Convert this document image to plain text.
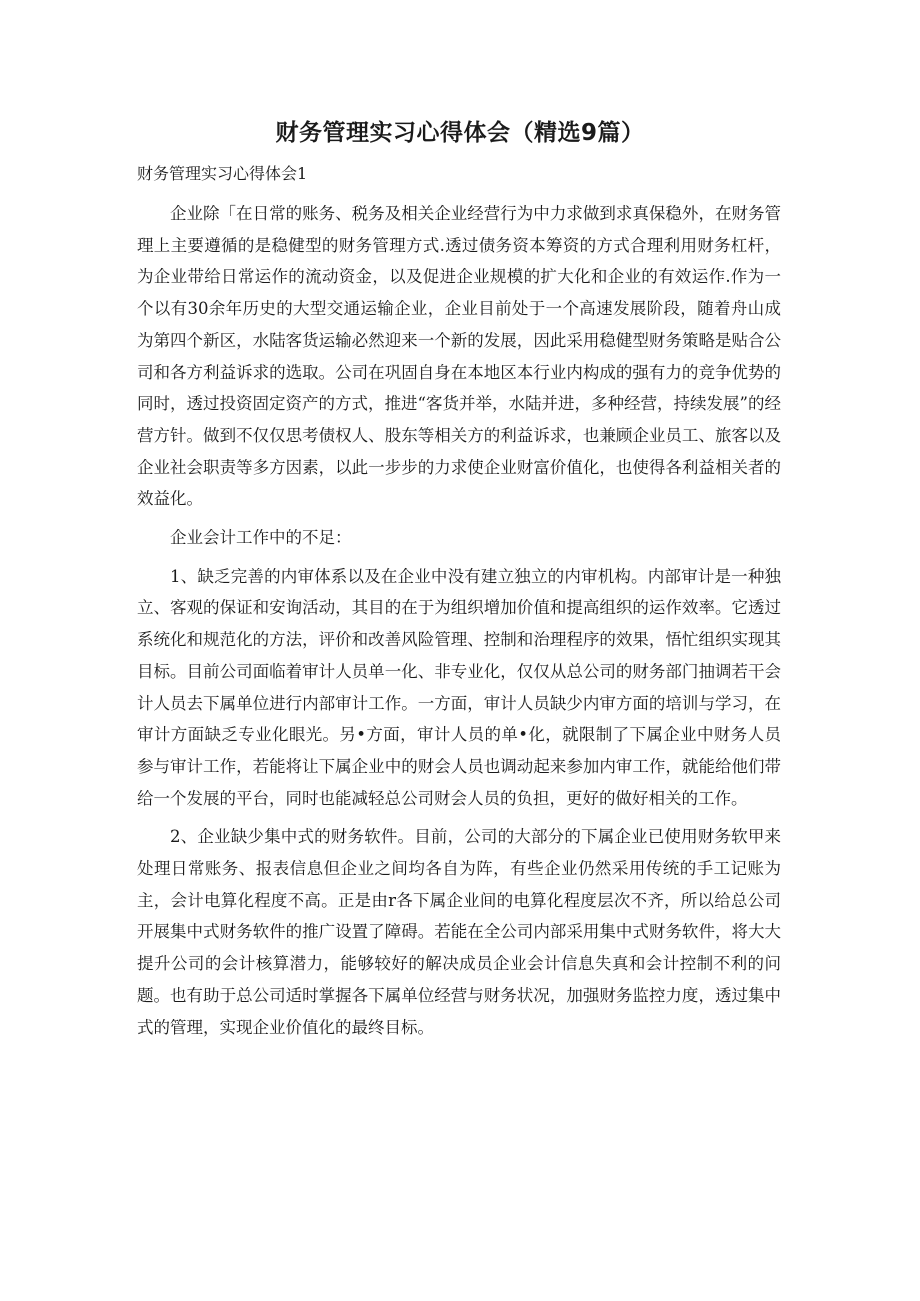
财务管理实习心得体会（精选9篇）

财务管理实习心得体会1

企业除「在日常的账务、税务及相关企业经营行为中力求做到求真保稳外，在财务管理上主要遵循的是稳健型的财务管理方式.透过债务资本筹资的方式合理利用财务杠杆，为企业带给日常运作的流动资金，以及促进企业规模的扩大化和企业的有效运作.作为一个以有30余年历史的大型交通运输企业，企业目前处于一个高速发展阶段，随着舟山成为第四个新区，水陆客货运输必然迎来一个新的发展，因此采用稳健型财务策略是贴合公司和各方利益诉求的选取。公司在巩固自身在本地区本行业内构成的强有力的竞争优势的同时，透过投资固定资产的方式，推进“客货并举，水陆并进，多种经营，持续发展”的经营方针。做到不仅仅思考债权人、股东等相关方的利益诉求，也兼顾企业员工、旅客以及企业社会职责等多方因素，以此一步步的力求使企业财富价值化，也使得各利益相关者的效益化。

企业会计工作中的不足：

1、缺乏完善的内审体系以及在企业中没有建立独立的内审机构。内部审计是一种独立、客观的保证和安询活动，其目的在于为组织增加价值和提高组织的运作效率。它透过系统化和规范化的方法，评价和改善风险管理、控制和治理程序的效果，悟忙组织实现其目标。目前公司面临着审计人员单一化、非专业化，仅仅从总公司的财务部门抽调若干会计人员去下属单位进行内部审计工作。一方面，审计人员缺少内审方面的培训与学习，在审计方面缺乏专业化眼光。另•方面，审计人员的单•化，就限制了下属企业中财务人员参与审计工作，若能将让下属企业中的财会人员也调动起来参加内审工作，就能给他们带给一个发展的平台，同时也能减轻总公司财会人员的负担，更好的做好相关的工作。

2、企业缺少集中式的财务软件。目前，公司的大部分的下属企业已使用财务软甲来处理日常账务、报表信息但企业之间均各自为阵，有些企业仍然采用传统的手工记账为主，会计电算化程度不高。正是由r各下属企业间的电算化程度层次不齐，所以给总公司开展集中式财务软件的推广设置了障碍。若能在全公司内部采用集中式财务软件，将大大提升公司的会计核算潜力，能够较好的解决成员企业会计信息失真和会计控制不利的问题。也有助于总公司适时掌握各下属单位经营与财务状况，加强财务监控力度，透过集中式的管理，实现企业价值化的最终目标。
